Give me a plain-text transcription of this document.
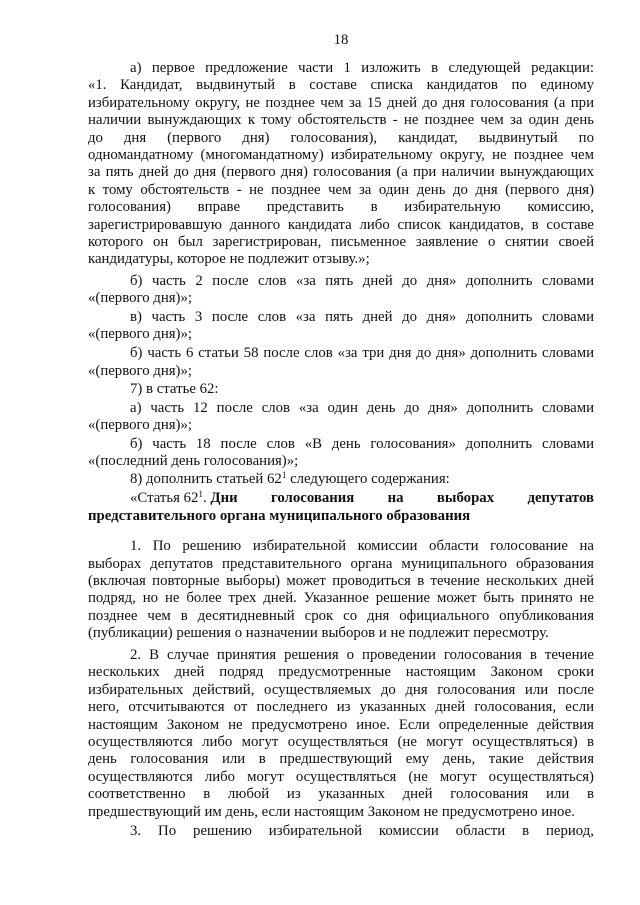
18
а) первое предложение части 1 изложить в следующей редакции:
«1. Кандидат, выдвинутый в составе списка кандидатов по единому
избирательному округу, не позднее чем за 15 дней до дня голосования (а при
наличии вынуждающих к тому обстоятельств - не позднее чем за один день
до дня (первого дня) голосования), кандидат, выдвинутый по
одномандатному (многомандатному) избирательному округу, не позднее чем
за пять дней до дня (первого дня) голосования (а при наличии вынуждающих
к тому обстоятельств - не позднее чем за один день до дня (первого дня)
голосования) вправе представить в избирательную комиссию,
зарегистрировавшую данного кандидата либо список кандидатов, в составе
которого он был зарегистрирован, письменное заявление о снятии своей
кандидатуры, которое не подлежит отзыву.»;
б) часть 2 после слов «за пять дней до дня» дополнить словами
«(первого дня)»;
в) часть 3 после слов «за пять дней до дня» дополнить словами
«(первого дня)»;
б) часть 6 статьи 58 после слов «за три дня до дня» дополнить словами
«(первого дня)»;
7) в статье 62:
а) часть 12 после слов «за один день до дня» дополнить словами
«(первого дня)»;
б) часть 18 после слов «В день голосования» дополнить словами
«(последний день голосования)»;
8) дополнить статьей $62^1$ следующего содержания:
«Статья $62^1$. Дни голосования на выборах депутатов
представительного органа муниципального образования
1. По решению избирательной комиссии области голосование на
выборах депутатов представительного органа муниципального образования
(включая повторные выборы) может проводиться в течение нескольких дней
подряд, но не более трех дней. Указанное решение может быть принято не
позднее чем в десятидневный срок со дня официального опубликования
(публикации) решения о назначении выборов и не подлежит пересмотру.
2. В случае принятия решения о проведении голосования в течение
нескольких дней подряд предусмотренные настоящим Законом сроки
избирательных действий, осуществляемых до дня голосования или после
него, отсчитываются от последнего из указанных дней голосования, если
настоящим Законом не предусмотрено иное. Если определенные действия
осуществляются либо могут осуществляться (не могут осуществляться) в
день голосования или в предшествующий ему день, такие действия
осуществляются либо могут осуществляться (не могут осуществляться)
соответственно в любой из указанных дней голосования или в
предшествующий им день, если настоящим Законом не предусмотрено иное.
3. По решению избирательной комиссии области в период,
